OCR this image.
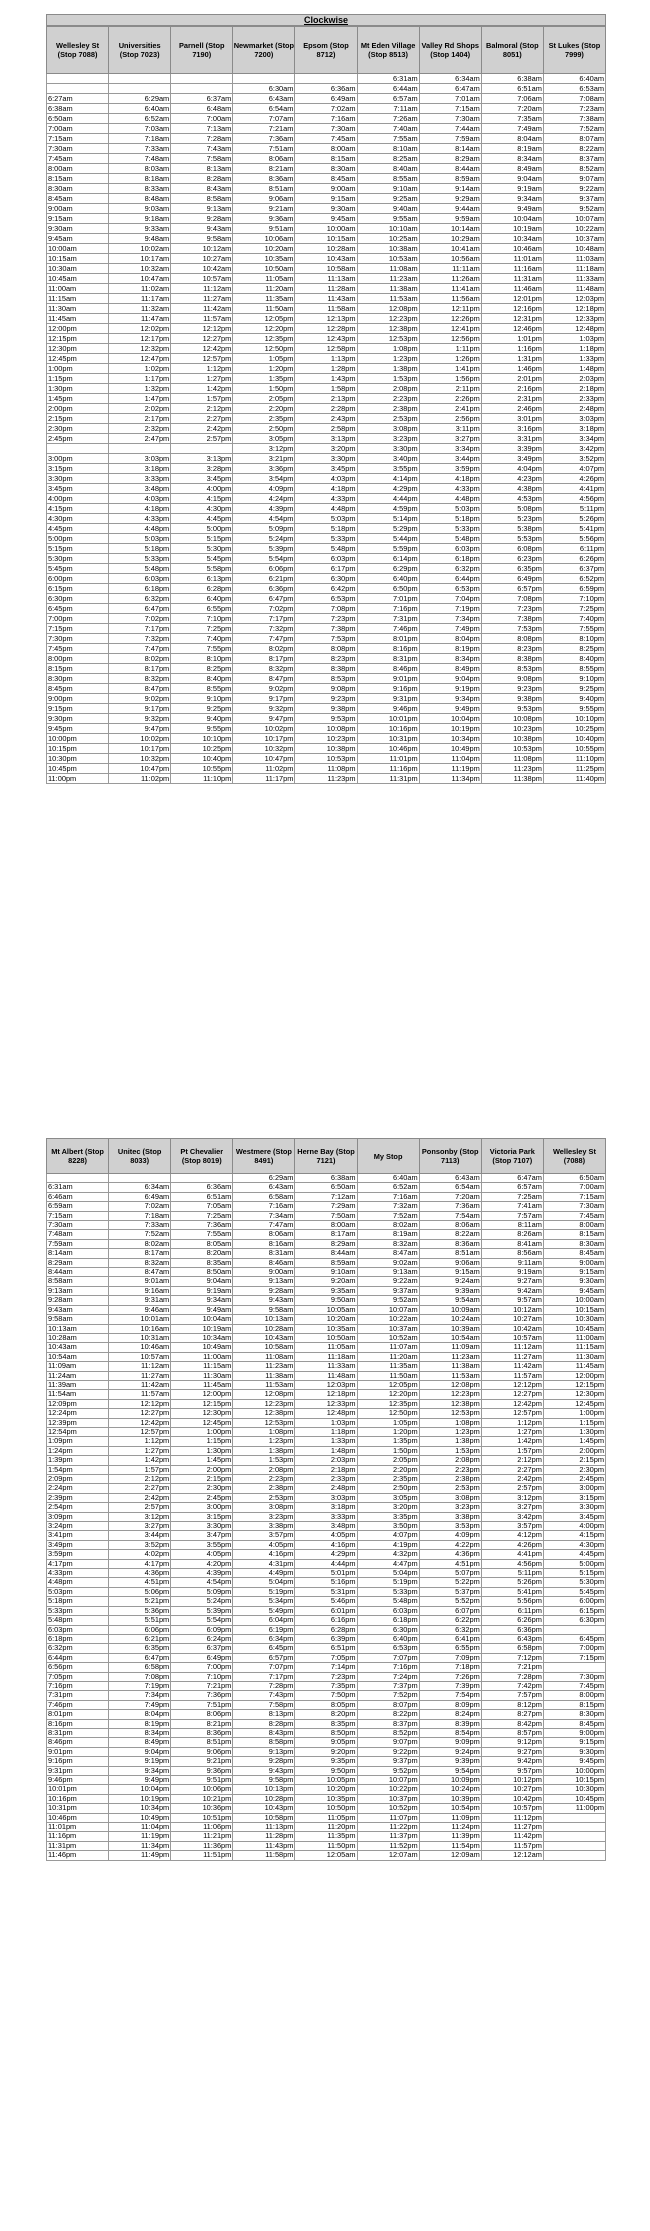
Clockwise
Wellesley St (Stop 7088)	Universities (Stop 7023)	Parnell (Stop 7190)	Newmarket (Stop 7200)	Epsom (Stop 8712)	Mt Eden Village (Stop 8513)	Valley Rd Shops (Stop 1404)	Balmoral (Stop 8051)	St Lukes (Stop 7999)
					6:31am	6:34am	6:38am	6:40am
			6:30am	6:36am	6:44am	6:47am	6:51am	6:53am
6:27am	6:29am	6:37am	6:43am	6:49am	6:57am	7:01am	7:06am	7:08am
6:38am	6:40am	6:48am	6:54am	7:02am	7:11am	7:15am	7:20am	7:23am
6:50am	6:52am	7:00am	7:07am	7:16am	7:26am	7:30am	7:35am	7:38am
7:00am	7:03am	7:13am	7:21am	7:30am	7:40am	7:44am	7:49am	7:52am
7:15am	7:18am	7:28am	7:36am	7:45am	7:55am	7:59am	8:04am	8:07am
7:30am	7:33am	7:43am	7:51am	8:00am	8:10am	8:14am	8:19am	8:22am
7:45am	7:48am	7:58am	8:06am	8:15am	8:25am	8:29am	8:34am	8:37am
8:00am	8:03am	8:13am	8:21am	8:30am	8:40am	8:44am	8:49am	8:52am
8:15am	8:18am	8:28am	8:36am	8:45am	8:55am	8:59am	9:04am	9:07am
8:30am	8:33am	8:43am	8:51am	9:00am	9:10am	9:14am	9:19am	9:22am
8:45am	8:48am	8:58am	9:06am	9:15am	9:25am	9:29am	9:34am	9:37am
9:00am	9:03am	9:13am	9:21am	9:30am	9:40am	9:44am	9:49am	9:52am
9:15am	9:18am	9:28am	9:36am	9:45am	9:55am	9:59am	10:04am	10:07am
9:30am	9:33am	9:43am	9:51am	10:00am	10:10am	10:14am	10:19am	10:22am
9:45am	9:48am	9:58am	10:06am	10:15am	10:25am	10:29am	10:34am	10:37am
10:00am	10:02am	10:12am	10:20am	10:28am	10:38am	10:41am	10:46am	10:48am
10:15am	10:17am	10:27am	10:35am	10:43am	10:53am	10:56am	11:01am	11:03am
10:30am	10:32am	10:42am	10:50am	10:58am	11:08am	11:11am	11:16am	11:18am
10:45am	10:47am	10:57am	11:05am	11:13am	11:23am	11:26am	11:31am	11:33am
11:00am	11:02am	11:12am	11:20am	11:28am	11:38am	11:41am	11:46am	11:48am
11:15am	11:17am	11:27am	11:35am	11:43am	11:53am	11:56am	12:01pm	12:03pm
11:30am	11:32am	11:42am	11:50am	11:58am	12:08pm	12:11pm	12:16pm	12:18pm
11:45am	11:47am	11:57am	12:05pm	12:13pm	12:23pm	12:26pm	12:31pm	12:33pm
12:00pm	12:02pm	12:12pm	12:20pm	12:28pm	12:38pm	12:41pm	12:46pm	12:48pm
12:15pm	12:17pm	12:27pm	12:35pm	12:43pm	12:53pm	12:56pm	1:01pm	1:03pm
12:30pm	12:32pm	12:42pm	12:50pm	12:58pm	1:08pm	1:11pm	1:16pm	1:18pm
12:45pm	12:47pm	12:57pm	1:05pm	1:13pm	1:23pm	1:26pm	1:31pm	1:33pm
1:00pm	1:02pm	1:12pm	1:20pm	1:28pm	1:38pm	1:41pm	1:46pm	1:48pm
1:15pm	1:17pm	1:27pm	1:35pm	1:43pm	1:53pm	1:56pm	2:01pm	2:03pm
1:30pm	1:32pm	1:42pm	1:50pm	1:58pm	2:08pm	2:11pm	2:16pm	2:18pm
1:45pm	1:47pm	1:57pm	2:05pm	2:13pm	2:23pm	2:26pm	2:31pm	2:33pm
2:00pm	2:02pm	2:12pm	2:20pm	2:28pm	2:38pm	2:41pm	2:46pm	2:48pm
2:15pm	2:17pm	2:27pm	2:35pm	2:43pm	2:53pm	2:56pm	3:01pm	3:03pm
2:30pm	2:32pm	2:42pm	2:50pm	2:58pm	3:08pm	3:11pm	3:16pm	3:18pm
2:45pm	2:47pm	2:57pm	3:05pm	3:13pm	3:23pm	3:27pm	3:31pm	3:34pm
			3:12pm	3:20pm	3:30pm	3:34pm	3:39pm	3:42pm
3:00pm	3:03pm	3:13pm	3:21pm	3:30pm	3:40pm	3:44pm	3:49pm	3:52pm
3:15pm	3:18pm	3:28pm	3:36pm	3:45pm	3:55pm	3:59pm	4:04pm	4:07pm
3:30pm	3:33pm	3:45pm	3:54pm	4:03pm	4:14pm	4:18pm	4:23pm	4:26pm
3:45pm	3:48pm	4:00pm	4:09pm	4:18pm	4:29pm	4:33pm	4:38pm	4:41pm
4:00pm	4:03pm	4:15pm	4:24pm	4:33pm	4:44pm	4:48pm	4:53pm	4:56pm
4:15pm	4:18pm	4:30pm	4:39pm	4:48pm	4:59pm	5:03pm	5:08pm	5:11pm
4:30pm	4:33pm	4:45pm	4:54pm	5:03pm	5:14pm	5:18pm	5:23pm	5:26pm
4:45pm	4:48pm	5:00pm	5:09pm	5:18pm	5:29pm	5:33pm	5:38pm	5:41pm
5:00pm	5:03pm	5:15pm	5:24pm	5:33pm	5:44pm	5:48pm	5:53pm	5:56pm
5:15pm	5:18pm	5:30pm	5:39pm	5:48pm	5:59pm	6:03pm	6:08pm	6:11pm
5:30pm	5:33pm	5:45pm	5:54pm	6:03pm	6:14pm	6:18pm	6:23pm	6:26pm
5:45pm	5:48pm	5:58pm	6:06pm	6:17pm	6:29pm	6:32pm	6:35pm	6:37pm
6:00pm	6:03pm	6:13pm	6:21pm	6:30pm	6:40pm	6:44pm	6:49pm	6:52pm
6:15pm	6:18pm	6:28pm	6:36pm	6:42pm	6:50pm	6:53pm	6:57pm	6:59pm
6:30pm	6:32pm	6:40pm	6:47pm	6:53pm	7:01pm	7:04pm	7:08pm	7:10pm
6:45pm	6:47pm	6:55pm	7:02pm	7:08pm	7:16pm	7:19pm	7:23pm	7:25pm
7:00pm	7:02pm	7:10pm	7:17pm	7:23pm	7:31pm	7:34pm	7:38pm	7:40pm
7:15pm	7:17pm	7:25pm	7:32pm	7:38pm	7:46pm	7:49pm	7:53pm	7:55pm
7:30pm	7:32pm	7:40pm	7:47pm	7:53pm	8:01pm	8:04pm	8:08pm	8:10pm
7:45pm	7:47pm	7:55pm	8:02pm	8:08pm	8:16pm	8:19pm	8:23pm	8:25pm
8:00pm	8:02pm	8:10pm	8:17pm	8:23pm	8:31pm	8:34pm	8:38pm	8:40pm
8:15pm	8:17pm	8:25pm	8:32pm	8:38pm	8:46pm	8:49pm	8:53pm	8:55pm
8:30pm	8:32pm	8:40pm	8:47pm	8:53pm	9:01pm	9:04pm	9:08pm	9:10pm
8:45pm	8:47pm	8:55pm	9:02pm	9:08pm	9:16pm	9:19pm	9:23pm	9:25pm
9:00pm	9:02pm	9:10pm	9:17pm	9:23pm	9:31pm	9:34pm	9:38pm	9:40pm
9:15pm	9:17pm	9:25pm	9:32pm	9:38pm	9:46pm	9:49pm	9:53pm	9:55pm
9:30pm	9:32pm	9:40pm	9:47pm	9:53pm	10:01pm	10:04pm	10:08pm	10:10pm
9:45pm	9:47pm	9:55pm	10:02pm	10:08pm	10:16pm	10:19pm	10:23pm	10:25pm
10:00pm	10:02pm	10:10pm	10:17pm	10:23pm	10:31pm	10:34pm	10:38pm	10:40pm
10:15pm	10:17pm	10:25pm	10:32pm	10:38pm	10:46pm	10:49pm	10:53pm	10:55pm
10:30pm	10:32pm	10:40pm	10:47pm	10:53pm	11:01pm	11:04pm	11:08pm	11:10pm
10:45pm	10:47pm	10:55pm	11:02pm	11:08pm	11:16pm	11:19pm	11:23pm	11:25pm
11:00pm	11:02pm	11:10pm	11:17pm	11:23pm	11:31pm	11:34pm	11:38pm	11:40pm
Mt Albert (Stop 8228)	Unitec (Stop 8033)	Pt Chevalier (Stop 8019)	Westmere (Stop 8491)	Herne Bay (Stop 7121)	My Stop	Ponsonby (Stop 7113)	Victoria Park (Stop 7107)	Wellesley St (7088)
			6:29am	6:38am	6:40am	6:43am	6:47am	6:50am
6:31am	6:34am	6:36am	6:43am	6:50am	6:52am	6:54am	6:57am	7:00am
6:46am	6:49am	6:51am	6:58am	7:12am	7:16am	7:20am	7:25am	7:15am
6:59am	7:02am	7:05am	7:16am	7:29am	7:32am	7:36am	7:41am	7:30am
7:15am	7:18am	7:25am	7:34am	7:50am	7:52am	7:54am	7:57am	7:45am
7:30am	7:33am	7:36am	7:47am	8:00am	8:02am	8:06am	8:11am	8:00am
7:48am	7:52am	7:55am	8:06am	8:17am	8:19am	8:22am	8:26am	8:15am
7:59am	8:02am	8:05am	8:16am	8:29am	8:32am	8:36am	8:41am	8:30am
8:14am	8:17am	8:20am	8:31am	8:44am	8:47am	8:51am	8:56am	8:45am
8:29am	8:32am	8:35am	8:46am	8:59am	9:02am	9:06am	9:11am	9:00am
8:44am	8:47am	8:50am	9:00am	9:10am	9:13am	9:15am	9:19am	9:15am
8:58am	9:01am	9:04am	9:13am	9:20am	9:22am	9:24am	9:27am	9:30am
9:13am	9:16am	9:19am	9:28am	9:35am	9:37am	9:39am	9:42am	9:45am
9:28am	9:31am	9:34am	9:43am	9:50am	9:52am	9:54am	9:57am	10:00am
9:43am	9:46am	9:49am	9:58am	10:05am	10:07am	10:09am	10:12am	10:15am
9:58am	10:01am	10:04am	10:13am	10:20am	10:22am	10:24am	10:27am	10:30am
10:13am	10:16am	10:19am	10:28am	10:35am	10:37am	10:39am	10:42am	10:45am
10:28am	10:31am	10:34am	10:43am	10:50am	10:52am	10:54am	10:57am	11:00am
10:43am	10:46am	10:49am	10:58am	11:05am	11:07am	11:09am	11:12am	11:15am
10:54am	10:57am	11:00am	11:08am	11:18am	11:20am	11:23am	11:27am	11:30am
11:09am	11:12am	11:15am	11:23am	11:33am	11:35am	11:38am	11:42am	11:45am
11:24am	11:27am	11:30am	11:38am	11:48am	11:50am	11:53am	11:57am	12:00pm
11:39am	11:42am	11:45am	11:53am	12:03pm	12:05pm	12:08pm	12:12pm	12:15pm
11:54am	11:57am	12:00pm	12:08pm	12:18pm	12:20pm	12:23pm	12:27pm	12:30pm
12:09pm	12:12pm	12:15pm	12:23pm	12:33pm	12:35pm	12:38pm	12:42pm	12:45pm
12:24pm	12:27pm	12:30pm	12:38pm	12:48pm	12:50pm	12:53pm	12:57pm	1:00pm
12:39pm	12:42pm	12:45pm	12:53pm	1:03pm	1:05pm	1:08pm	1:12pm	1:15pm
12:54pm	12:57pm	1:00pm	1:08pm	1:18pm	1:20pm	1:23pm	1:27pm	1:30pm
1:09pm	1:12pm	1:15pm	1:23pm	1:33pm	1:35pm	1:38pm	1:42pm	1:45pm
1:24pm	1:27pm	1:30pm	1:38pm	1:48pm	1:50pm	1:53pm	1:57pm	2:00pm
1:39pm	1:42pm	1:45pm	1:53pm	2:03pm	2:05pm	2:08pm	2:12pm	2:15pm
1:54pm	1:57pm	2:00pm	2:08pm	2:18pm	2:20pm	2:23pm	2:27pm	2:30pm
2:09pm	2:12pm	2:15pm	2:23pm	2:33pm	2:35pm	2:38pm	2:42pm	2:45pm
2:24pm	2:27pm	2:30pm	2:38pm	2:48pm	2:50pm	2:53pm	2:57pm	3:00pm
2:39pm	2:42pm	2:45pm	2:53pm	3:03pm	3:05pm	3:08pm	3:12pm	3:15pm
2:54pm	2:57pm	3:00pm	3:08pm	3:18pm	3:20pm	3:23pm	3:27pm	3:30pm
3:09pm	3:12pm	3:15pm	3:23pm	3:33pm	3:35pm	3:38pm	3:42pm	3:45pm
3:24pm	3:27pm	3:30pm	3:38pm	3:48pm	3:50pm	3:53pm	3:57pm	4:00pm
3:41pm	3:44pm	3:47pm	3:57pm	4:05pm	4:07pm	4:09pm	4:12pm	4:15pm
3:49pm	3:52pm	3:55pm	4:05pm	4:16pm	4:19pm	4:22pm	4:26pm	4:30pm
3:59pm	4:02pm	4:05pm	4:16pm	4:29pm	4:32pm	4:36pm	4:41pm	4:45pm
4:17pm	4:17pm	4:20pm	4:31pm	4:44pm	4:47pm	4:51pm	4:56pm	5:00pm
4:33pm	4:36pm	4:39pm	4:49pm	5:01pm	5:04pm	5:07pm	5:11pm	5:15pm
4:48pm	4:51pm	4:54pm	5:04pm	5:16pm	5:19pm	5:22pm	5:26pm	5:30pm
5:03pm	5:06pm	5:09pm	5:19pm	5:31pm	5:33pm	5:37pm	5:41pm	5:45pm
5:18pm	5:21pm	5:24pm	5:34pm	5:46pm	5:48pm	5:52pm	5:56pm	6:00pm
5:33pm	5:36pm	5:39pm	5:49pm	6:01pm	6:03pm	6:07pm	6:11pm	6:15pm
5:48pm	5:51pm	5:54pm	6:04pm	6:16pm	6:18pm	6:22pm	6:26pm	6:30pm
6:03pm	6:06pm	6:09pm	6:19pm	6:28pm	6:30pm	6:32pm	6:36pm	
6:18pm	6:21pm	6:24pm	6:34pm	6:39pm	6:40pm	6:41pm	6:43pm	6:45pm
6:32pm	6:35pm	6:37pm	6:45pm	6:51pm	6:53pm	6:55pm	6:58pm	7:00pm
6:44pm	6:47pm	6:49pm	6:57pm	7:05pm	7:07pm	7:09pm	7:12pm	7:15pm
6:56pm	6:58pm	7:00pm	7:07pm	7:14pm	7:16pm	7:18pm	7:21pm	
7:05pm	7:08pm	7:10pm	7:17pm	7:23pm	7:24pm	7:26pm	7:28pm	7:30pm
7:16pm	7:19pm	7:21pm	7:28pm	7:35pm	7:37pm	7:39pm	7:42pm	7:45pm
7:31pm	7:34pm	7:36pm	7:43pm	7:50pm	7:52pm	7:54pm	7:57pm	8:00pm
7:46pm	7:49pm	7:51pm	7:58pm	8:05pm	8:07pm	8:09pm	8:12pm	8:15pm
8:01pm	8:04pm	8:06pm	8:13pm	8:20pm	8:22pm	8:24pm	8:27pm	8:30pm
8:16pm	8:19pm	8:21pm	8:28pm	8:35pm	8:37pm	8:39pm	8:42pm	8:45pm
8:31pm	8:34pm	8:36pm	8:43pm	8:50pm	8:52pm	8:54pm	8:57pm	9:00pm
8:46pm	8:49pm	8:51pm	8:58pm	9:05pm	9:07pm	9:09pm	9:12pm	9:15pm
9:01pm	9:04pm	9:06pm	9:13pm	9:20pm	9:22pm	9:24pm	9:27pm	9:30pm
9:16pm	9:19pm	9:21pm	9:28pm	9:35pm	9:37pm	9:39pm	9:42pm	9:45pm
9:31pm	9:34pm	9:36pm	9:43pm	9:50pm	9:52pm	9:54pm	9:57pm	10:00pm
9:46pm	9:49pm	9:51pm	9:58pm	10:05pm	10:07pm	10:09pm	10:12pm	10:15pm
10:01pm	10:04pm	10:06pm	10:13pm	10:20pm	10:22pm	10:24pm	10:27pm	10:30pm
10:16pm	10:19pm	10:21pm	10:28pm	10:35pm	10:37pm	10:39pm	10:42pm	10:45pm
10:31pm	10:34pm	10:36pm	10:43pm	10:50pm	10:52pm	10:54pm	10:57pm	11:00pm
10:46pm	10:49pm	10:51pm	10:58pm	11:05pm	11:07pm	11:09pm	11:12pm	
11:01pm	11:04pm	11:06pm	11:13pm	11:20pm	11:22pm	11:24pm	11:27pm	
11:16pm	11:19pm	11:21pm	11:28pm	11:35pm	11:37pm	11:39pm	11:42pm	
11:31pm	11:34pm	11:36pm	11:43pm	11:50pm	11:52pm	11:54pm	11:57pm	
11:46pm	11:49pm	11:51pm	11:58pm	12:05am	12:07am	12:09am	12:12am	
